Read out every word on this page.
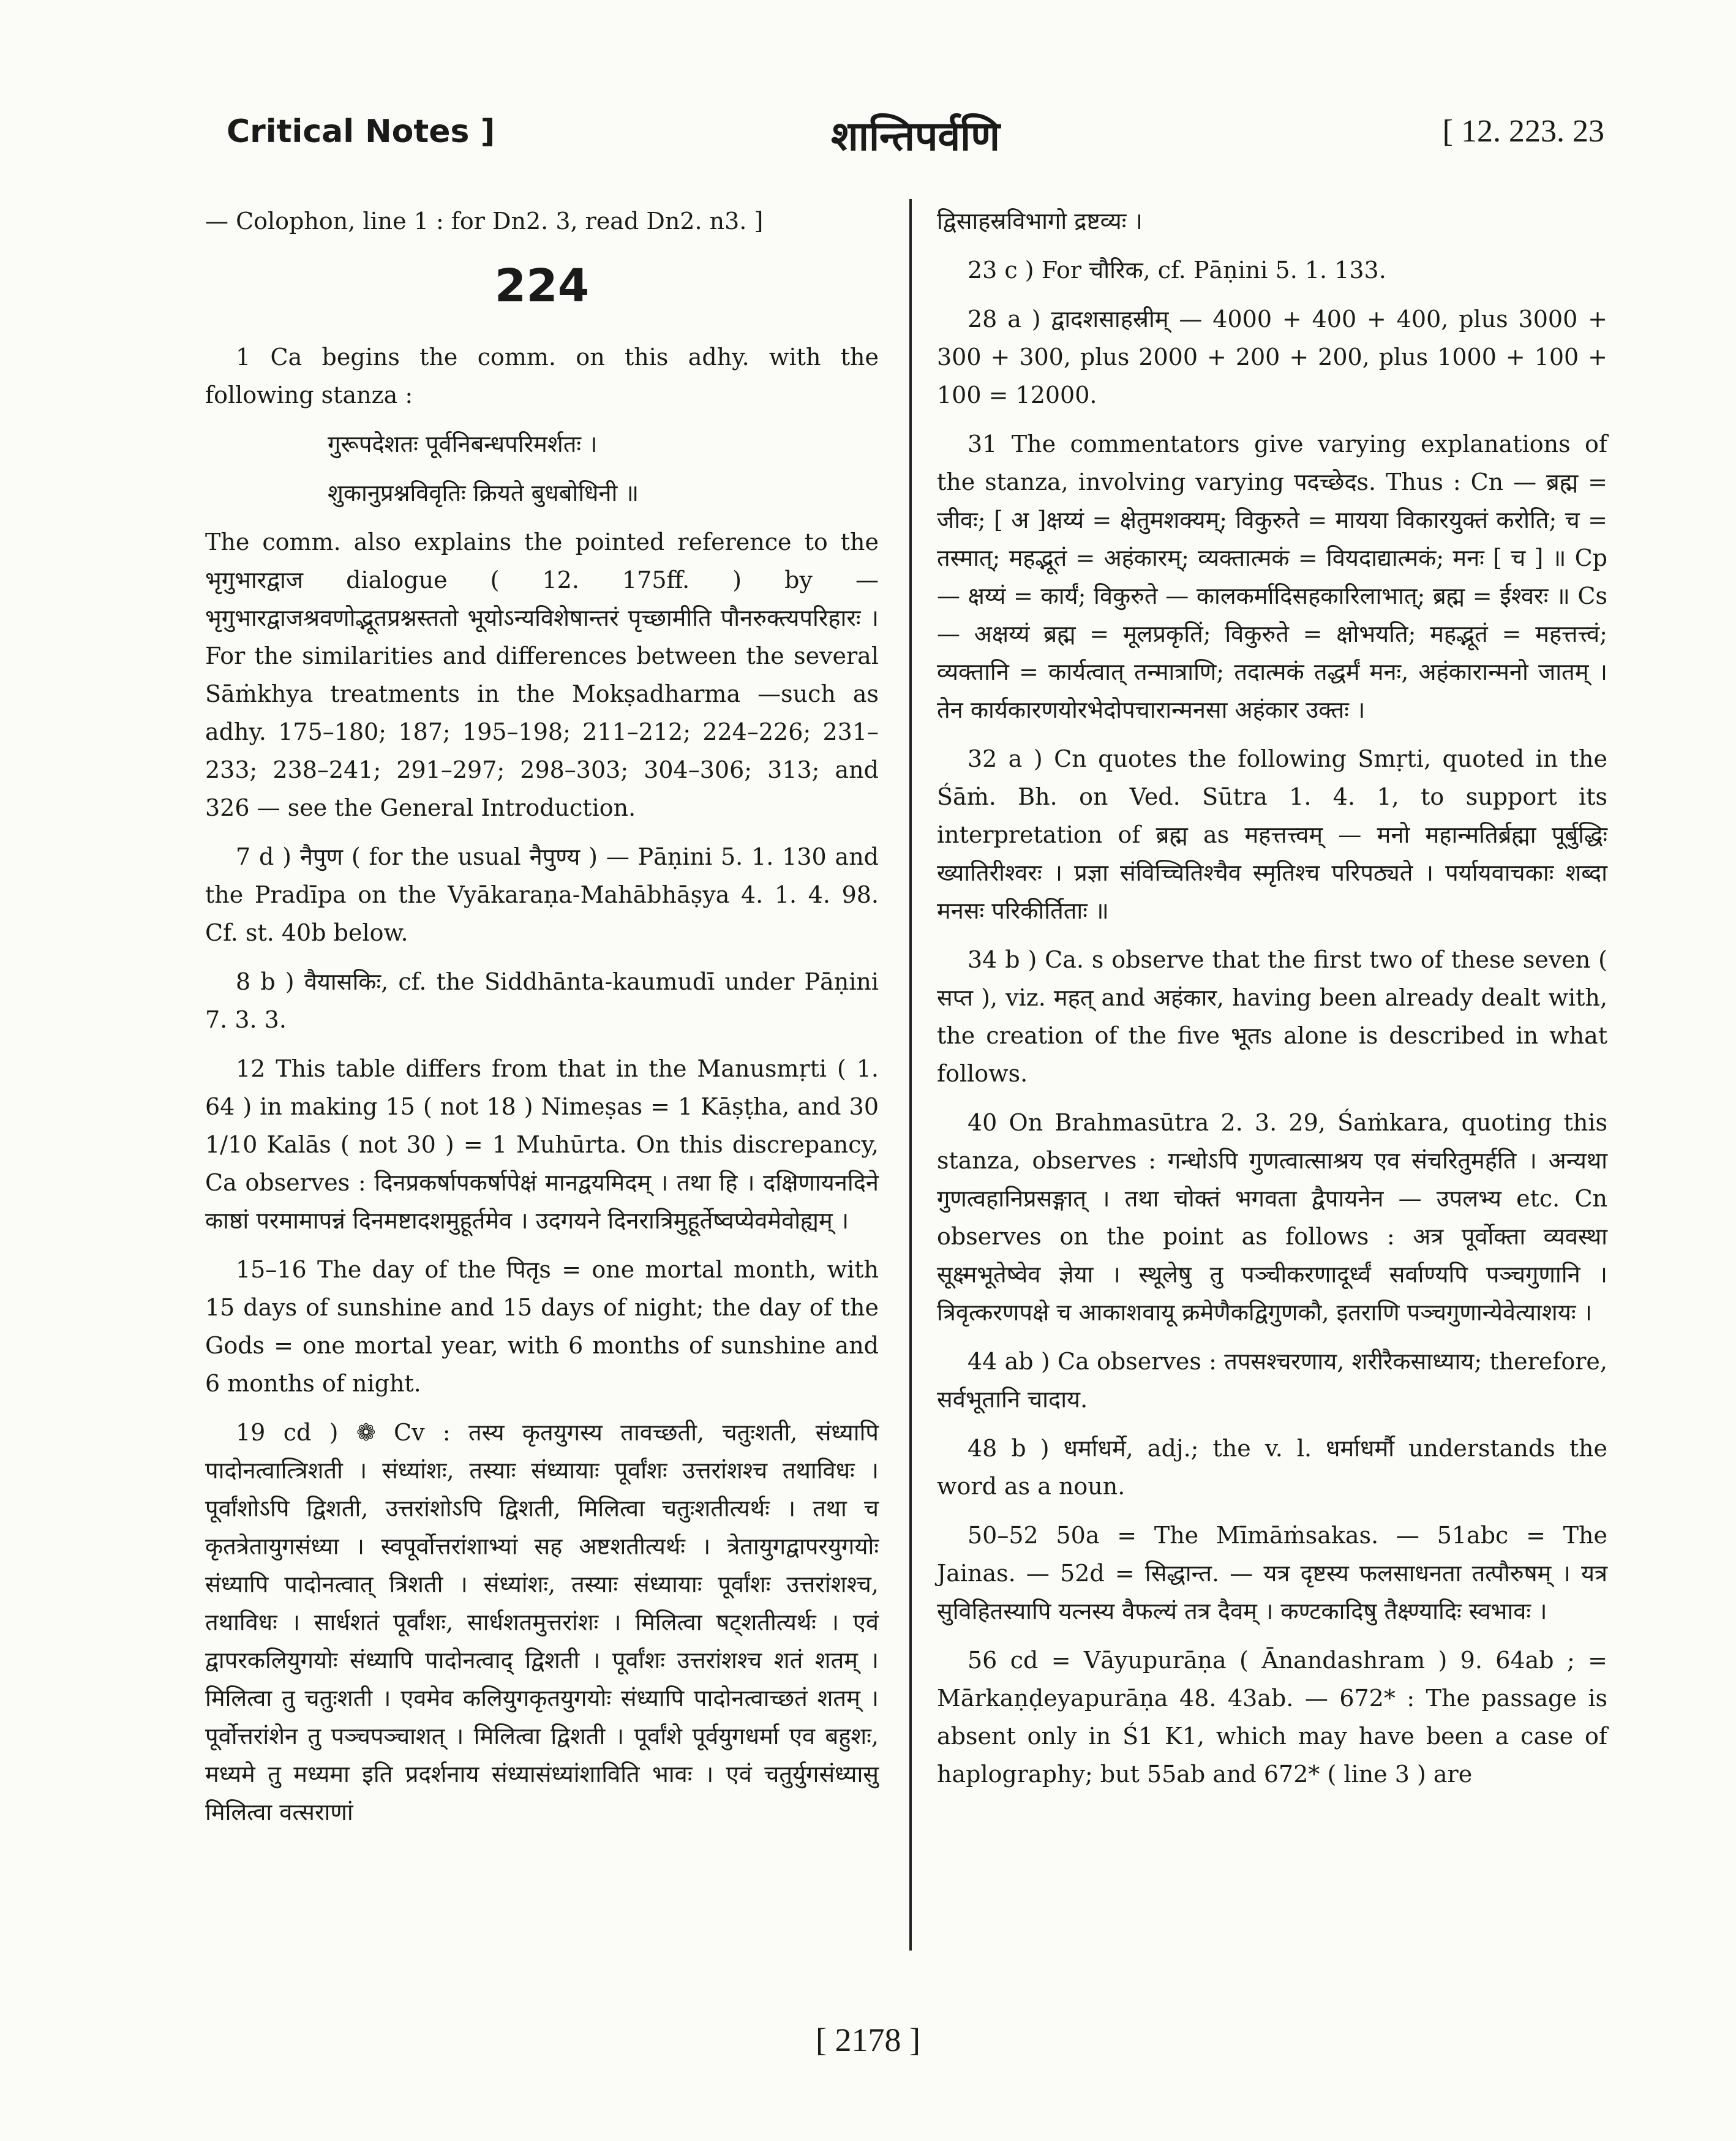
Critical Notes ]	शान्तिपर्वणि	[ 12. 223. 23

— Colophon, line 1 : for Dn2. 3, read Dn2. n3. ]

224

1 Ca begins the comm. on this adhy. with the following stanza :

गुरूपदेशतः पूर्वनिबन्धपरिमर्शतः ।

शुकानुप्रश्नविवृतिः क्रियते बुधबोधिनी ॥

The comm. also explains the pointed reference to the भृगुभारद्वाज dialogue ( 12. 175ff. ) by — भृगुभारद्वाजश्रवणोद्भूतप्रश्नस्ततो भूयोऽन्यविशेषान्तरं पृच्छामीति पौनरुक्त्यपरिहारः । For the similarities and differences between the several Sāṁkhya treatments in the Mokṣadharma —such as adhy. 175–180; 187; 195–198; 211–212; 224–226; 231–233; 238–241; 291–297; 298–303; 304–306; 313; and 326 — see the General Introduction.

7 d ) नैपुण ( for the usual नैपुण्य ) — Pāṇini 5. 1. 130 and the Pradīpa on the Vyākaraṇa-Mahābhāṣya 4. 1. 4. 98. Cf. st. 40b below.

8 b ) वैयासकिः, cf. the Siddhānta-kaumudī under Pāṇini 7. 3. 3.

12 This table differs from that in the Manusmṛti ( 1. 64 ) in making 15 ( not 18 ) Nimeṣas = 1 Kāṣṭha, and 30 1/10 Kalās ( not 30 ) = 1 Muhūrta. On this discrepancy, Ca observes : दिनप्रकर्षापकर्षापेक्षं मानद्वयमिदम् । तथा हि । दक्षिणायनदिने काष्ठां परमामापन्नं दिनमष्टादशमुहूर्तमेव । उदगयने दिनरात्रिमुहूर्तेष्वप्येवमेवोह्यम् ।

15–16 The day of the पितृs = one mortal month, with 15 days of sunshine and 15 days of night; the day of the Gods = one mortal year, with 6 months of sunshine and 6 months of night.

19 cd ) ❁ Cv : तस्य कृतयुगस्य तावच्छती, चतुःशती, संध्यापि पादोनत्वात्त्रिशती । संध्यांशः, तस्याः संध्यायाः पूर्वांशः उत्तरांशश्च तथाविधः । पूर्वांशोऽपि द्विशती, उत्तरांशोऽपि द्विशती, मिलित्वा चतुःशतीत्यर्थः । तथा च कृतत्रेतायुगसंध्या । स्वपूर्वोत्तरांशाभ्यां सह अष्टशतीत्यर्थः । त्रेतायुगद्वापरयुगयोः संध्यापि पादोनत्वात् त्रिशती । संध्यांशः, तस्याः संध्यायाः पूर्वांशः उत्तरांशश्च, तथाविधः । सार्धशतं पूर्वांशः, सार्धशतमुत्तरांशः । मिलित्वा षट्शतीत्यर्थः । एवं द्वापरकलियुगयोः संध्यापि पादोनत्वाद् द्विशती । पूर्वांशः उत्तरांशश्च शतं शतम् । मिलित्वा तु चतुःशती । एवमेव कलियुगकृतयुगयोः संध्यापि पादोनत्वाच्छतं शतम् । पूर्वोत्तरांशेन तु पञ्चपञ्चाशत् । मिलित्वा द्विशती । पूर्वांशे पूर्वयुगधर्मा एव बहुशः, मध्यमे तु मध्यमा इति प्रदर्शनाय संध्यासंध्यांशाविति भावः । एवं चतुर्युगसंध्यासु मिलित्वा वत्सराणां

द्विसाहस्रविभागो द्रष्टव्यः ।

23 c ) For चौरिक, cf. Pāṇini 5. 1. 133.

28 a ) द्वादशसाहस्रीम् — 4000 + 400 + 400, plus 3000 + 300 + 300, plus 2000 + 200 + 200, plus 1000 + 100 + 100 = 12000.

31 The commentators give varying explanations of the stanza, involving varying पदच्छेदs. Thus : Cn — ब्रह्म = जीवः; [ अ ]क्षय्यं = क्षेतुमशक्यम्; विकुरुते = मायया विकारयुक्तं करोति; च = तस्मात्; महद्भूतं = अहंकारम्; व्यक्तात्मकं = वियदाद्यात्मकं; मनः [ च ] ॥ Cp — क्षय्यं = कार्यं; विकुरुते — कालकर्मादिसहकारिलाभात्; ब्रह्म = ईश्वरः ॥ Cs — अक्षय्यं ब्रह्म = मूलप्रकृतिं; विकुरुते = क्षोभयति; महद्भूतं = महत्तत्त्वं; व्यक्तानि = कार्यत्वात् तन्मात्राणि; तदात्मकं तद्धर्मं मनः, अहंकारान्मनो जातम् । तेन कार्यकारणयोरभेदोपचारान्मनसा अहंकार उक्तः ।

32 a ) Cn quotes the following Smṛti, quoted in the Śāṁ. Bh. on Ved. Sūtra 1. 4. 1, to support its interpretation of ब्रह्म as महत्तत्त्वम् — मनो महान्मतिर्ब्रह्मा पूर्बुद्धिः ख्यातिरीश्वरः । प्रज्ञा संविच्चितिश्चैव स्मृतिश्च परिपठ्यते । पर्यायवाचकाः शब्दा मनसः परिकीर्तिताः ॥

34 b ) Ca. s observe that the first two of these seven ( सप्त ), viz. महत् and अहंकार, having been already dealt with, the creation of the five भूतs alone is described in what follows.

40 On Brahmasūtra 2. 3. 29, Śaṁkara, quoting this stanza, observes : गन्धोऽपि गुणत्वात्साश्रय एव संचरितुमर्हति । अन्यथा गुणत्वहानिप्रसङ्गात् । तथा चोक्तं भगवता द्वैपायनेन — उपलभ्य etc. Cn observes on the point as follows : अत्र पूर्वोक्ता व्यवस्था सूक्ष्मभूतेष्वेव ज्ञेया । स्थूलेषु तु पञ्चीकरणादूर्ध्वं सर्वाण्यपि पञ्चगुणानि । त्रिवृत्करणपक्षे च आकाशवायू क्रमेणैकद्विगुणकौ, इतराणि पञ्चगुणान्येवेत्याशयः ।

44 ab ) Ca observes : तपसश्चरणाय, शरीरैकसाध्याय; therefore, सर्वभूतानि चादाय.

48 b ) धर्माधर्मे, adj.; the v. l. धर्माधर्मौ understands the word as a noun.

50–52 50a = The Mīmāṁsakas. — 51abc = The Jainas. — 52d = सिद्धान्त. — यत्र दृष्टस्य फलसाधनता तत्पौरुषम् । यत्र सुविहितस्यापि यत्नस्य वैफल्यं तत्र दैवम् । कण्टकादिषु तैक्ष्ण्यादिः स्वभावः ।

56 cd = Vāyupurāṇa ( Ānandashram ) 9. 64ab ; = Mārkaṇḍeyapurāṇa 48. 43ab. — 672* : The passage is absent only in Ś1 K1, which may have been a case of haplography; but 55ab and 672* ( line 3 ) are

[ 2178 ]
